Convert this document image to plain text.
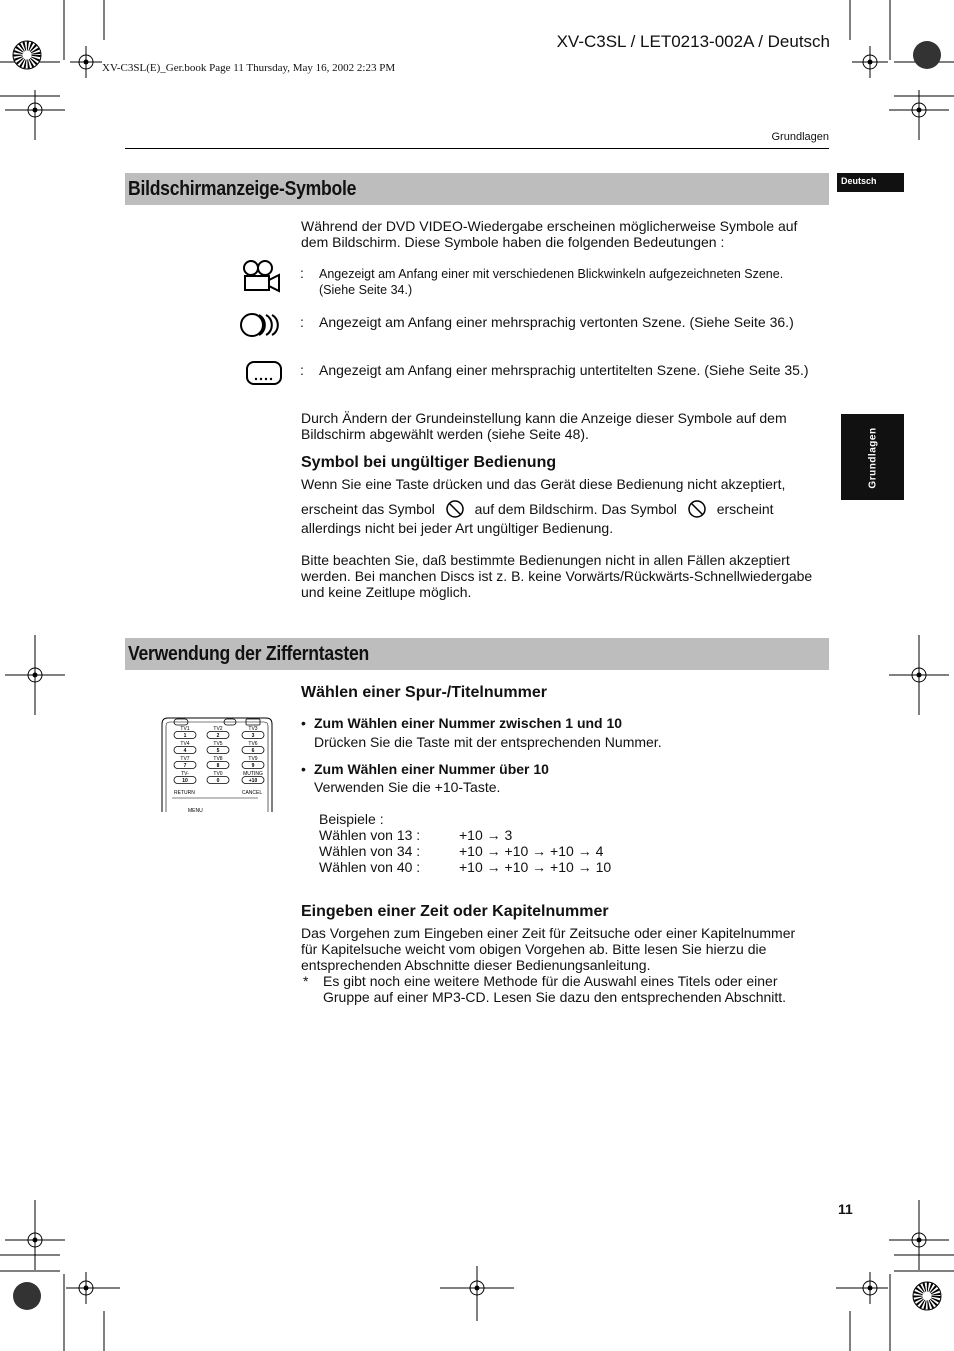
XV-C3SL / LET0213-002A / Deutsch
XV-C3SL(E)_Ger.book Page 11 Thursday, May 16, 2002 2:23 PM
Grundlagen
Deutsch
Grundlagen
Bildschirmanzeige-Symbole
Während der DVD VIDEO-Wiedergabe erscheinen möglicherweise Symbole auf
dem Bildschirm. Diese Symbole haben die folgenden Bedeutungen :
: Angezeigt am Anfang einer mit verschiedenen Blickwinkeln aufgezeichneten Szene.
(Siehe Seite 34.)
: Angezeigt am Anfang einer mehrsprachig vertonten Szene. (Siehe Seite 36.)
: Angezeigt am Anfang einer mehrsprachig untertitelten Szene. (Siehe Seite 35.)
Durch Ändern der Grundeinstellung kann die Anzeige dieser Symbole auf dem
Bildschirm abgewählt werden (siehe Seite 48).
Symbol bei ungültiger Bedienung
Wenn Sie eine Taste drücken und das Gerät diese Bedienung nicht akzeptiert,
erscheint das Symbol	auf dem Bildschirm. Das Symbol	erscheint
allerdings nicht bei jeder Art ungültiger Bedienung.
Bitte beachten Sie, daß bestimmte Bedienungen nicht in allen Fällen akzeptiert
werden. Bei manchen Discs ist z. B. keine Vorwärts/Rückwärts-Schnellwiedergabe
und keine Zeitlupe möglich.
Verwendung der Zifferntasten
Wählen einer Spur-/Titelnummer
• Zum Wählen einer Nummer zwischen 1 und 10
Drücken Sie die Taste mit der entsprechenden Nummer.
• Zum Wählen einer Nummer über 10
Verwenden Sie die +10-Taste.
Beispiele :
Wählen von 13 :	+10 → 3
Wählen von 34 :	+10 → +10 → +10 → 4
Wählen von 40 :	+10 → +10 → +10 → 10
TV1
1
TV2
2
TV3
3
TV4
4
TV5
5
TV6
6
TV7
7
TV8
8
TV9
9
TV-
10
TV0
0
MUTING
+10
RETURN	CANCEL
MENU
Eingeben einer Zeit oder Kapitelnummer
Das Vorgehen zum Eingeben einer Zeit für Zeitsuche oder einer Kapitelnummer
für Kapitelsuche weicht vom obigen Vorgehen ab. Bitte lesen Sie hierzu die
entsprechenden Abschnitte dieser Bedienungsanleitung.
* Es gibt noch eine weitere Methode für die Auswahl eines Titels oder einer
Gruppe auf einer MP3-CD. Lesen Sie dazu den entsprechenden Abschnitt.
11
